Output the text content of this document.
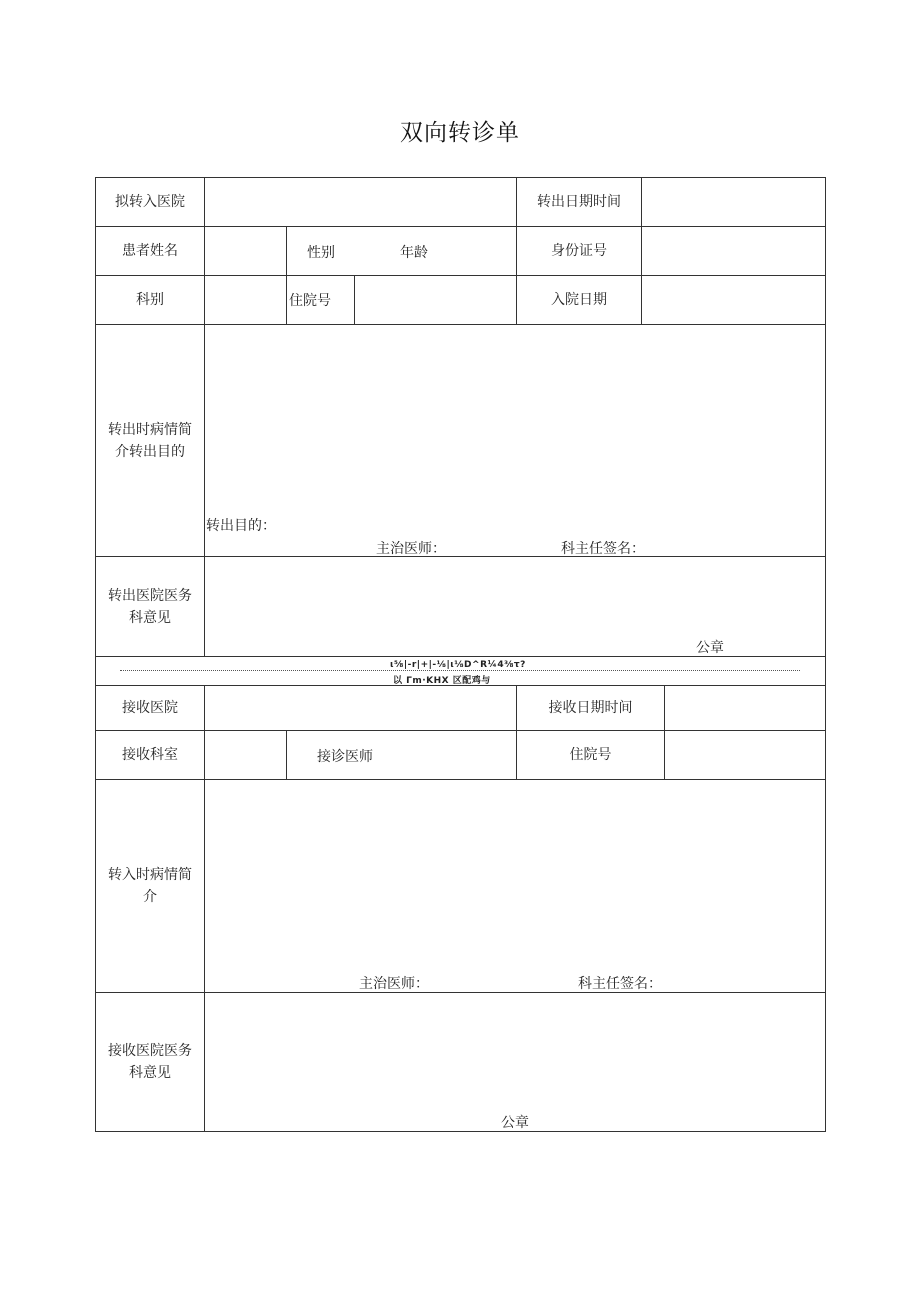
双向转诊单
拟转入医院	转出日期时间
患者姓名	性别	年龄	身份证号
科别	住院号	入院日期
转出时病情简介转出目的
转出目的：
主治医师：	科主任签名：
转出医院医务科意见
公章
ι⅝|-r|+|-⅛|ι⅛D^R¼4⅜τ?
以 Γm·KHX 区配鸡与
接收医院	接收日期时间
接收科室	接诊医师	住院号
转入时病情简介
主治医师：	科主任签名：
接收医院医务科意见
公章
